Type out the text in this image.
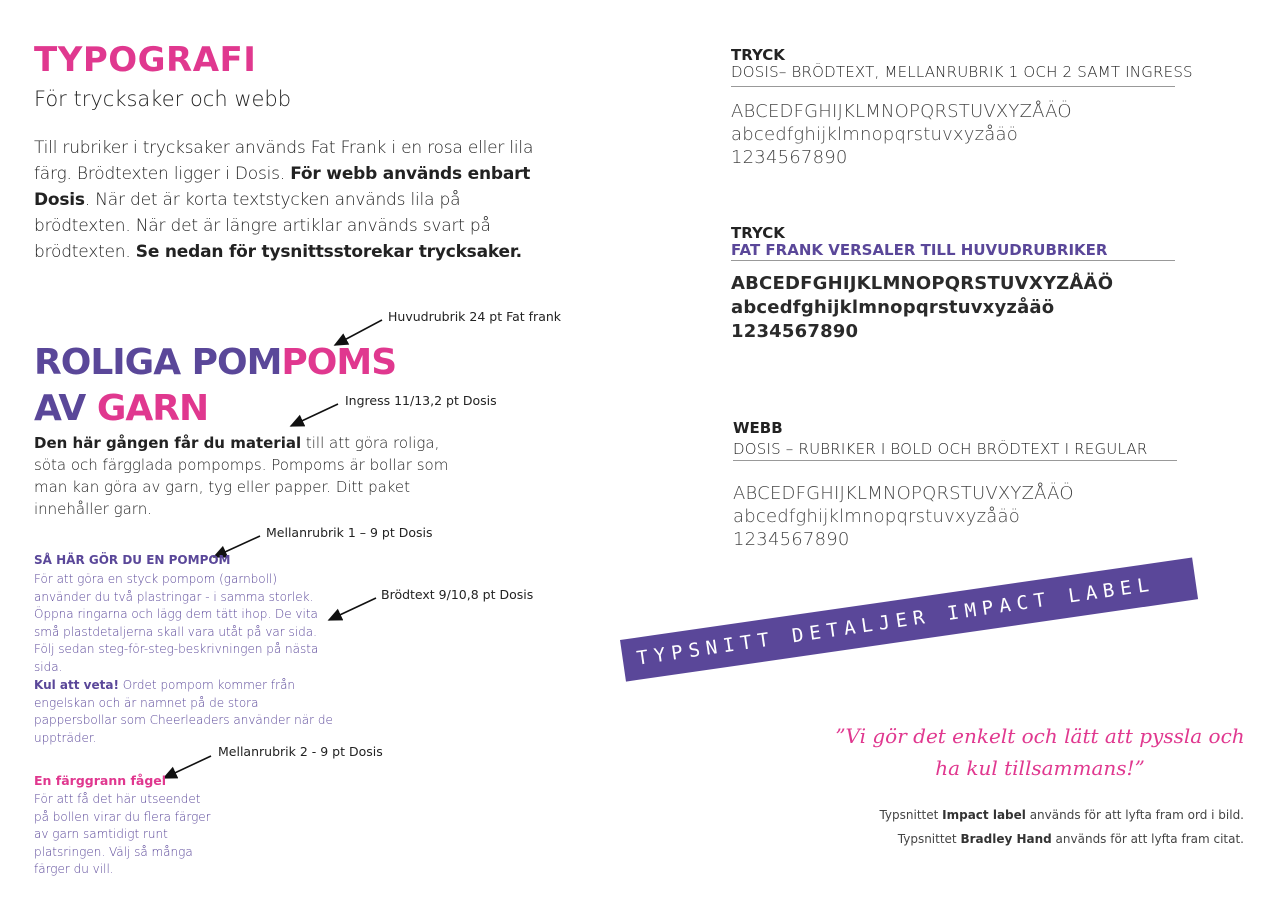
TYPOGRAFI
För trycksaker och webb
Till rubriker i trycksaker används Fat Frank i en rosa eller lila färg. Brödtexten ligger i Dosis. För webb används enbart Dosis. När det är korta textstycken används lila på brödtexten. När det är längre artiklar används svart på brödtexten. Se nedan för tysnittsstorekar trycksaker.
Huvudrubrik 24 pt Fat frank
ROLIGA POMPOMS
AV GARN	Ingress 11/13,2 pt Dosis
Den här gången får du material till att göra roliga, söta och färgglada pompomps. Pompoms är bollar som man kan göra av garn, tyg eller papper. Ditt paket innehåller garn.
Mellanrubrik 1 – 9 pt Dosis
SÅ HÄR GÖR DU EN POMPOM
Brödtext 9/10,8 pt Dosis
För att göra en styck pompom (garnboll) använder du två plastringar - i samma storlek. Öppna ringarna och lägg dem tätt ihop. De vita små plastdetaljerna skall vara utåt på var sida. Följ sedan steg-för-steg-beskrivningen på nästa sida.
Kul att veta! Ordet pompom kommer från engelskan och är namnet på de stora pappersbollar som Cheerleaders använder när de uppträder.
Mellanrubrik 2 - 9 pt Dosis
En färggrann fågel
För att få det här utseendet på bollen virar du flera färger av garn samtidigt runt platsringen. Välj så många färger du vill.
TRYCK
DOSIS– BRÖDTEXT, MELLANRUBRIK 1 OCH 2 SAMT INGRESS
ABCEDFGHIJKLMNOPQRSTUVXYZÅÄÖ
abcedfghijklmnopqrstuvxyzåäö
1234567890
TRYCK
FAT FRANK VERSALER TILL HUVUDRUBRIKER
ABCEDFGHIJKLMNOPQRSTUVXYZÅÄÖ
abcedfghijklmnopqrstuvxyzåäö
1234567890
WEBB
DOSIS – RUBRIKER I BOLD OCH BRÖDTEXT I REGULAR
ABCEDFGHIJKLMNOPQRSTUVXYZÅÄÖ
abcedfghijklmnopqrstuvxyzåäö
1234567890
TYPSNITT DETALJER IMPACT LABEL
”Vi gör det enkelt och lätt att pyssla och ha kul tillsammans!”
Typsnittet Impact label används för att lyfta fram ord i bild.
Typsnittet Bradley Hand används för att lyfta fram citat.
